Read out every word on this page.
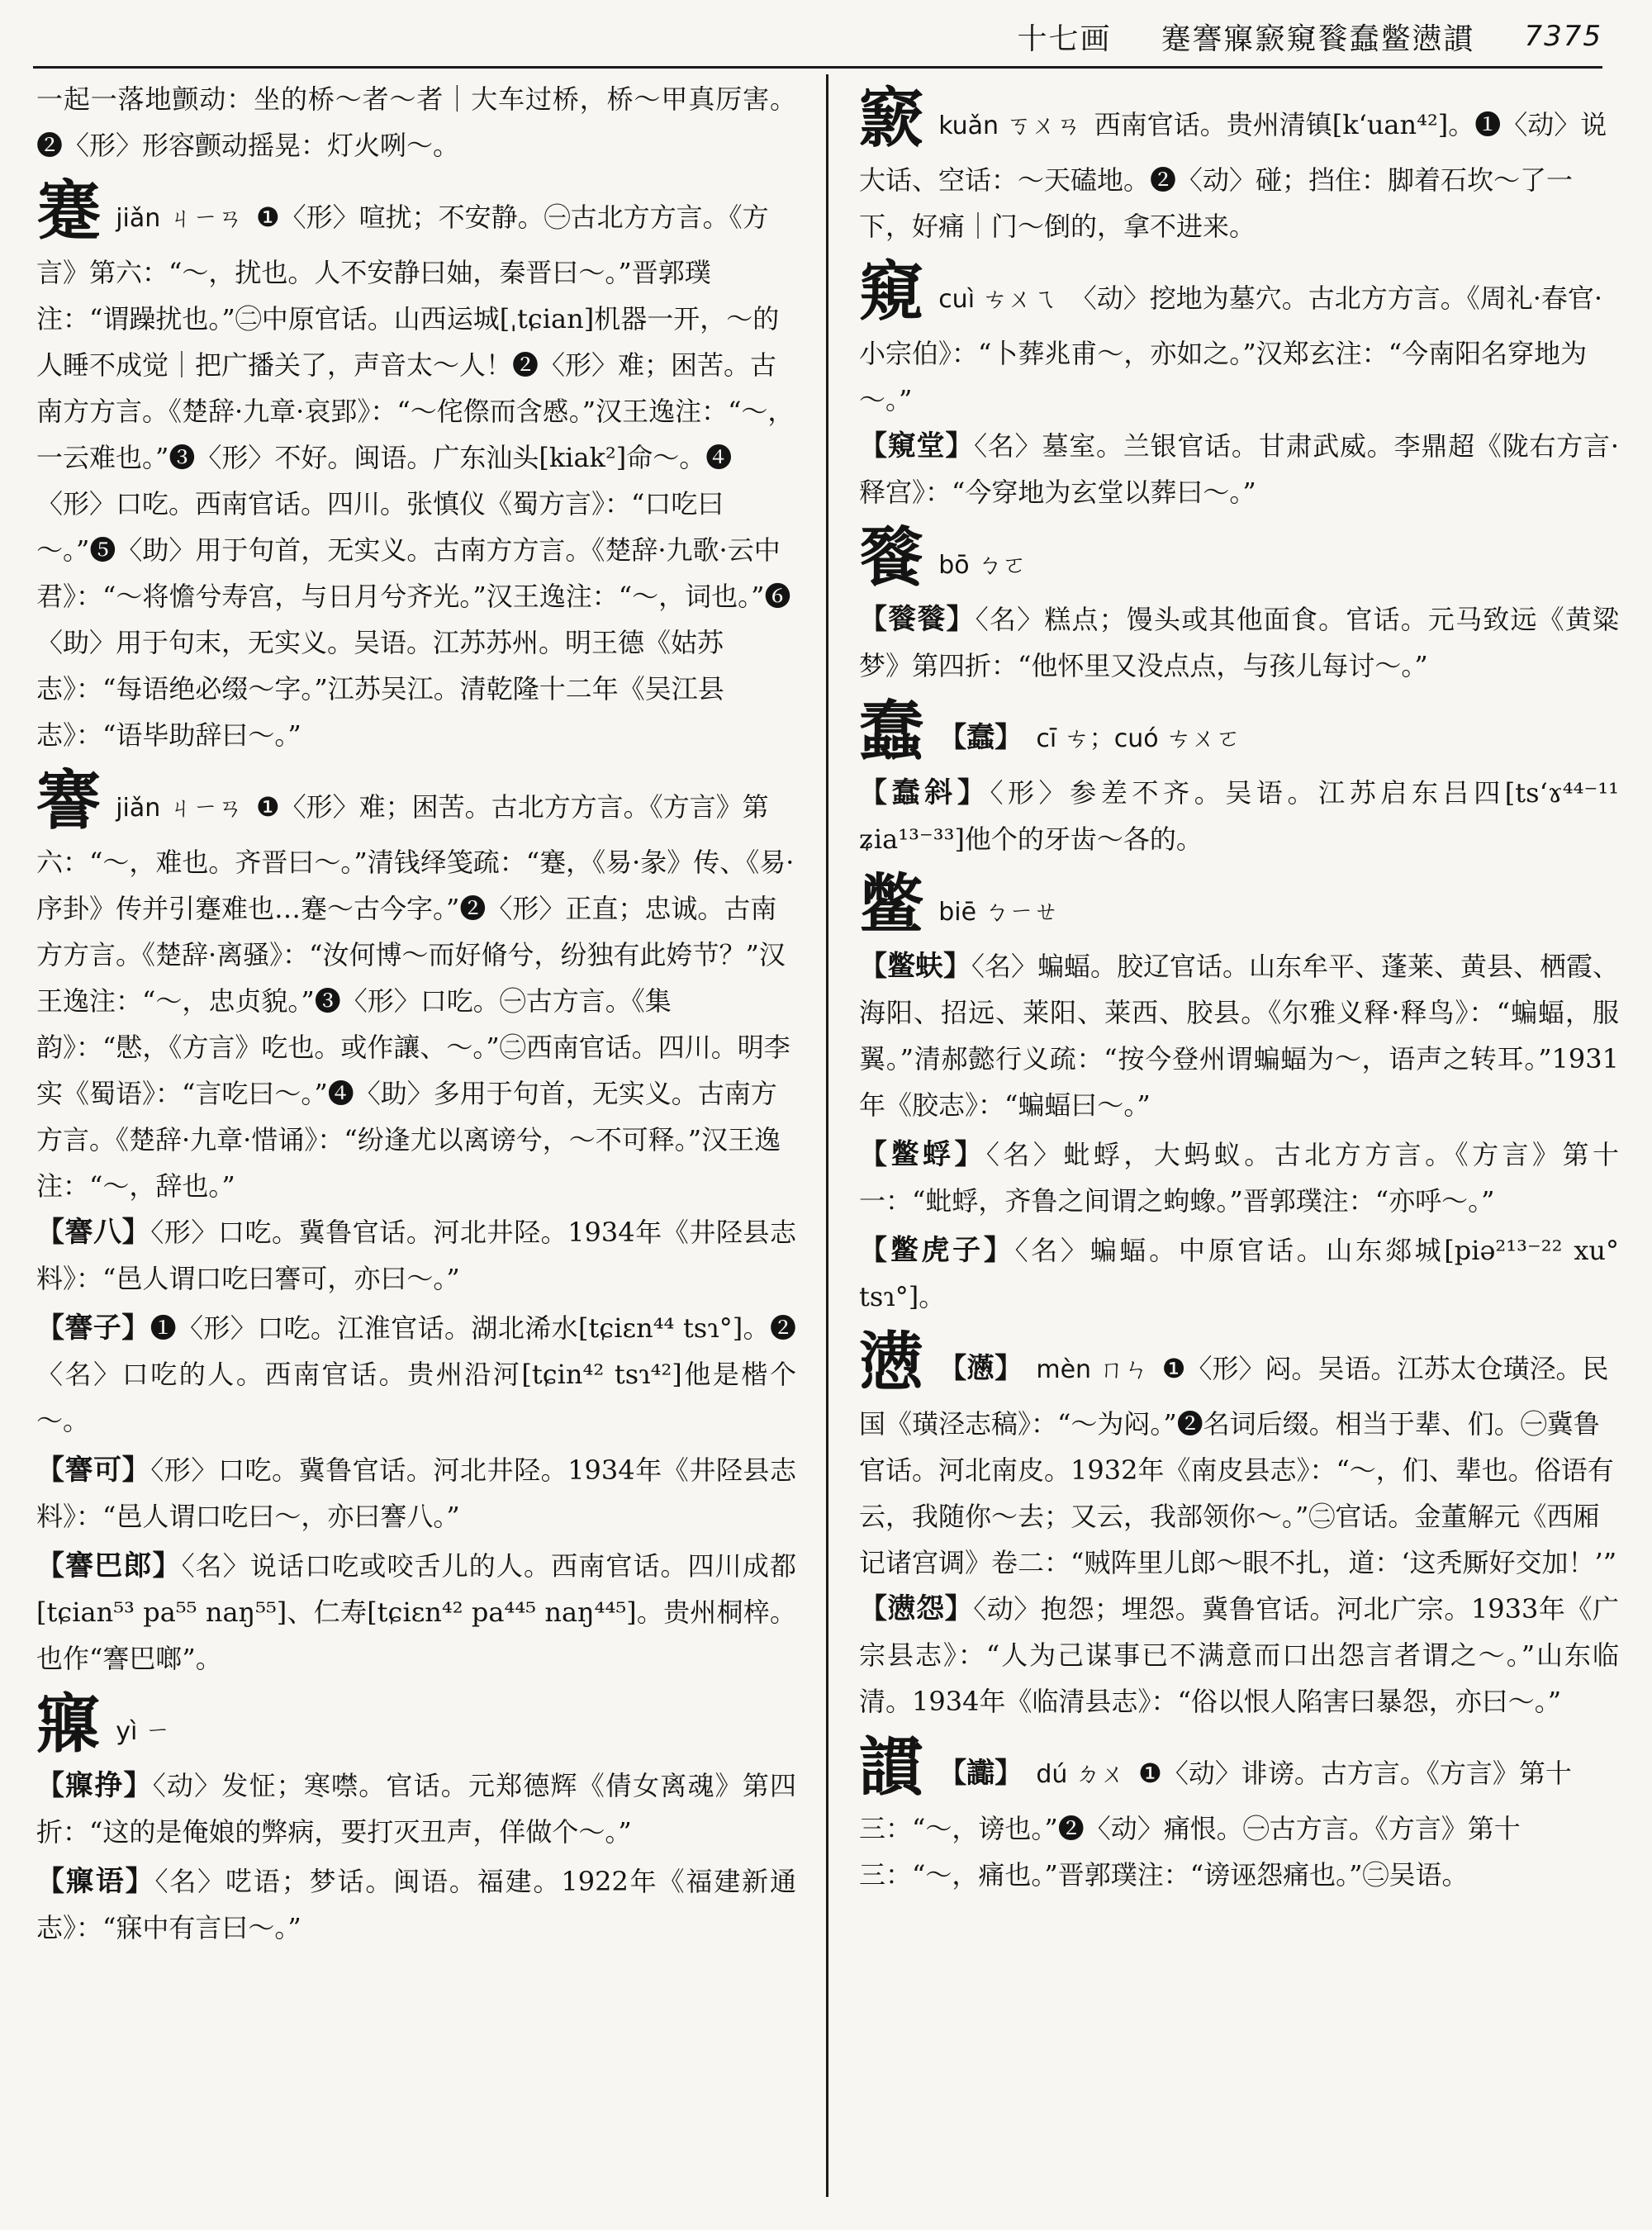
十七画 蹇謇寱窾窺餮蠢鳖懑謴 7375

一起一落地颤动：坐的桥～者～者｜大车过桥，桥～甲真厉害。❷〈形〉形容颤动摇晃：灯火咧～。

蹇 jiǎn ㄐㄧㄢ ❶〈形〉喧扰；不安静。㊀古北方方言。《方言》第六：“～，扰也。人不安静曰妯，秦晋曰～。”晋郭璞注：“谓躁扰也。”㊁中原官话。山西运城[ˌtɕian]机器一开，～的人睡不成觉｜把广播关了，声音太～人！❷〈形〉难；困苦。古南方方言。《楚辞·九章·哀郢》：“～侘傺而含慼。”汉王逸注：“～，一云难也。”❸〈形〉不好。闽语。广东汕头[kiak²]命～。❹〈形〉口吃。西南官话。四川。张慎仪《蜀方言》：“口吃曰～。”❺〈助〉用于句首，无实义。古南方方言。《楚辞·九歌·云中君》：“～将憺兮寿宫，与日月兮齐光。”汉王逸注：“～，词也。”❻〈助〉用于句末，无实义。吴语。江苏苏州。明王德《姑苏志》：“每语绝必缀～字。”江苏吴江。清乾隆十二年《吴江县志》：“语毕助辞曰～。”
謇 jiǎn ㄐㄧㄢ ❶〈形〉难；困苦。古北方方言。《方言》第六：“～，难也。齐晋曰～。”清钱绎笺疏：“蹇，《易·彖》传、《易·序卦》传并引蹇难也…蹇～古今字。”❷〈形〉正直；忠诚。古南方方言。《楚辞·离骚》：“汝何博～而好脩兮，纷独有此姱节？”汉王逸注：“～，忠贞貌。”❸〈形〉口吃。㊀古方言。《集韵》：“㦔，《方言》吃也。或作讓、～。”㊁西南官话。四川。明李实《蜀语》：“言吃曰～。”❹〈助〉多用于句首，无实义。古南方方言。《楚辞·九章·惜诵》：“纷逢尤以离谤兮，～不可释。”汉王逸注：“～，辞也。”

【謇八】〈形〉口吃。冀鲁官话。河北井陉。1934年《井陉县志料》：“邑人谓口吃曰謇可，亦曰～。”

【謇子】❶〈形〉口吃。江淮官话。湖北浠水[tɕiɛn⁴⁴ tsɿ°]。❷〈名〉口吃的人。西南官话。贵州沿河[tɕin⁴² tsɿ⁴²]他是楷个～。

【謇可】〈形〉口吃。冀鲁官话。河北井陉。1934年《井陉县志料》：“邑人谓口吃曰～，亦曰謇八。”

【謇巴郎】〈名〉说话口吃或咬舌儿的人。西南官话。四川成都[tɕian⁵³ pa⁵⁵ naŋ⁵⁵]、仁寿[tɕiɛn⁴² pa⁴⁴⁵ naŋ⁴⁴⁵]。贵州桐梓。也作“謇巴啷”。

寱 yì ㄧ

【寱挣】〈动〉发怔；寒噤。官话。元郑德辉《倩女离魂》第四折：“这的是俺娘的弊病，要打灭丑声，佯做个～。”

【寱语】〈名〉呓语；梦话。闽语。福建。1922年《福建新通志》：“寐中有言曰～。”

窾 kuǎn ㄎㄨㄢ 西南官话。贵州清镇[kʻuan⁴²]。❶〈动〉说大话、空话：～天磕地。❷〈动〉碰；挡住：脚着石坎～了一下，好痛｜门～倒的，拿不进来。
窺 cuì ㄘㄨㄟ 〈动〉挖地为墓穴。古北方方言。《周礼·春官·小宗伯》：“卜葬兆甫～，亦如之。”汉郑玄注：“今南阳名穿地为～。”

【窺堂】〈名〉墓室。兰银官话。甘肃武威。李鼎超《陇右方言·释宫》：“今穿地为玄堂以葬曰～。”

餮 bō ㄅㄛ

【餮餮】〈名〉糕点；馒头或其他面食。官话。元马致远《黄粱梦》第四折：“他怀里又没点点，与孩儿每讨～。”

蠢 【蠢】 cī ㄘ；cuó ㄘㄨㄛ

【蠢斜】〈形〉参差不齐。吴语。江苏启东吕四[tsʻɤ⁴⁴⁻¹¹ ʑia¹³⁻³³]他个的牙齿～各的。

鳖 biē ㄅㄧㄝ

【鳖蚨】〈名〉蝙蝠。胶辽官话。山东牟平、蓬莱、黄县、栖霞、海阳、招远、莱阳、莱西、胶县。《尔雅义释·释鸟》：“蝙蝠，服翼。”清郝懿行义疏：“按今登州谓蝙蝠为～，语声之转耳。”1931年《胶志》：“蝙蝠曰～。”

【鳖蜉】〈名〉蚍蜉，大蚂蚁。古北方方言。《方言》第十一：“蚍蜉，齐鲁之间谓之蚼蟓。”晋郭璞注：“亦呼～。”

【鳖虎子】〈名〉蝙蝠。中原官话。山东郯城[piə²¹³⁻²² xu° tsɿ°]。

懑 【懣】 mèn ㄇㄣ ❶〈形〉闷。吴语。江苏太仓璜泾。民国《璜泾志稿》：“～为闷。”❷名词后缀。相当于辈、们。㊀冀鲁官话。河北南皮。1932年《南皮县志》：“～，们、辈也。俗语有云，我随你～去；又云，我部领你～。”㊁官话。金董解元《西厢记诸宫调》卷二：“贼阵里儿郎～眼不扎，道：‘这秃厮好交加！’”

【懑怨】〈动〉抱怨；埋怨。冀鲁官话。河北广宗。1933年《广宗县志》：“人为己谋事已不满意而口出怨言者谓之～。”山东临清。1934年《临清县志》：“俗以恨人陷害曰暴怨，亦曰～。”

謴 【讟】 dú ㄉㄨ ❶〈动〉诽谤。古方言。《方言》第十三：“～，谤也。”❷〈动〉痛恨。㊀古方言。《方言》第十三：“～，痛也。”晋郭璞注：“谤诬怨痛也。”㊁吴语。
